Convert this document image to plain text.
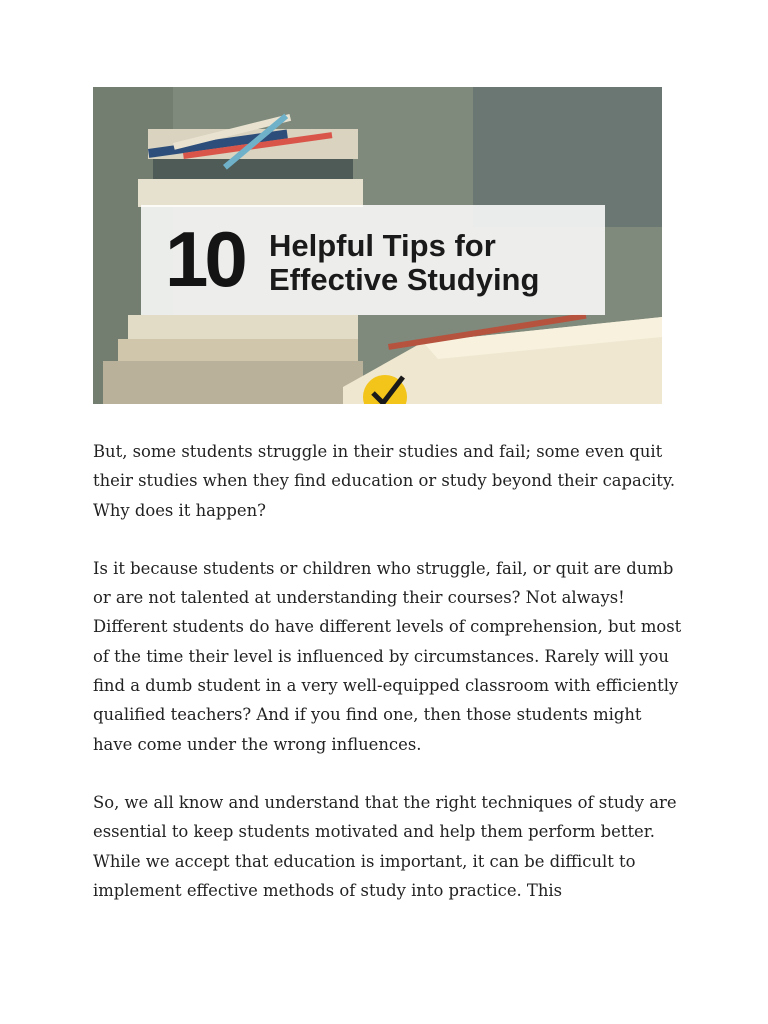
10 Helpful Tips for
Effective Studying

But, some students struggle in their studies and fail; some even quit their studies when they find education or study beyond their capacity. Why does it happen?

Is it because students or children who struggle, fail, or quit are dumb or are not talented at understanding their courses? Not always! Different students do have different levels of comprehension, but most of the time their level is influenced by circumstances. Rarely will you find a dumb student in a very well-equipped classroom with efficiently qualified teachers? And if you find one, then those students might have come under the wrong influences.

So, we all know and understand that the right techniques of study are essential to keep students motivated and help them perform better. While we accept that education is important, it can be difficult to implement effective methods of study into practice. This
